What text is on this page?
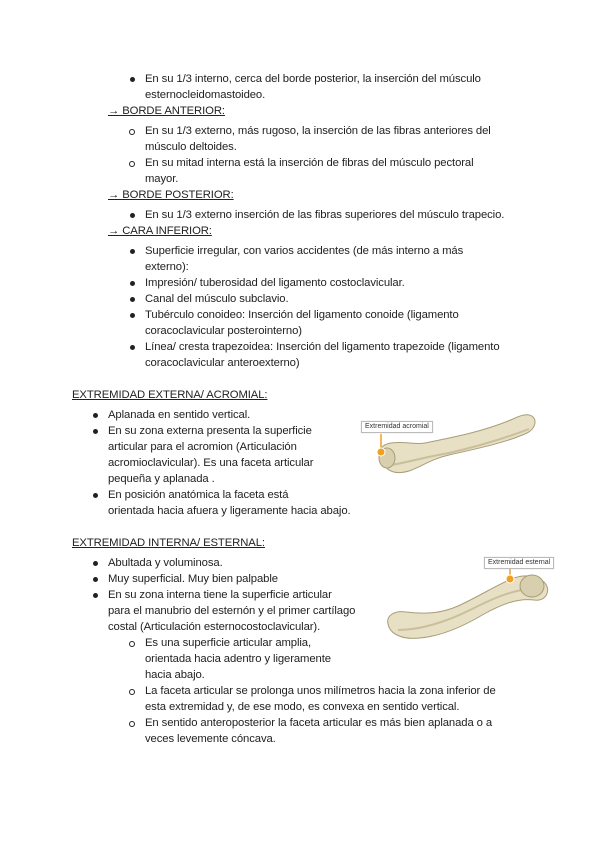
En su 1/3 interno, cerca del borde posterior, la inserción del músculo
esternocleidomastoideo.
→ BORDE ANTERIOR:
En su 1/3 externo, más rugoso, la inserción de las fibras anteriores del
músculo deltoides.
En su mitad interna está la inserción de fibras del músculo pectoral
mayor.
→ BORDE POSTERIOR:
En su 1/3 externo inserción de las fibras superiores del músculo trapecio.
→ CARA INFERIOR:
Superficie irregular, con varios accidentes (de más interno a más
externo):
Impresión/ tuberosidad del ligamento costoclavicular.
Canal del músculo subclavio.
Tubérculo conoideo: Inserción del ligamento conoide (ligamento
coracoclavicular posterointerno)
Línea/ cresta trapezoidea: Inserción del ligamento trapezoide (ligamento
coracoclavicular anteroexterno)
EXTREMIDAD EXTERNA/ ACROMIAL:
Aplanada en sentido vertical.
En su zona externa presenta la superficie
articular para el acromion (Articulación
acromioclavicular). Es una faceta articular
pequeña y aplanada .
En posición anatómica la faceta está
orientada hacia afuera y ligeramente hacia abajo.
Extremidad acromial
EXTREMIDAD INTERNA/ ESTERNAL:
Abultada y voluminosa.
Muy superficial. Muy bien palpable
En su zona interna tiene la superficie articular
para el manubrio del esternón y el primer cartílago
costal (Articulación esternocostoclavicular).
Es una superficie articular amplia,
orientada hacia adentro y ligeramente
hacia abajo.
La faceta articular se prolonga unos milímetros hacia la zona inferior de
esta extremidad y, de ese modo, es convexa en sentido vertical.
En sentido anteroposterior la faceta articular es más bien aplanada o a
veces levemente cóncava.
Extremidad esternal
